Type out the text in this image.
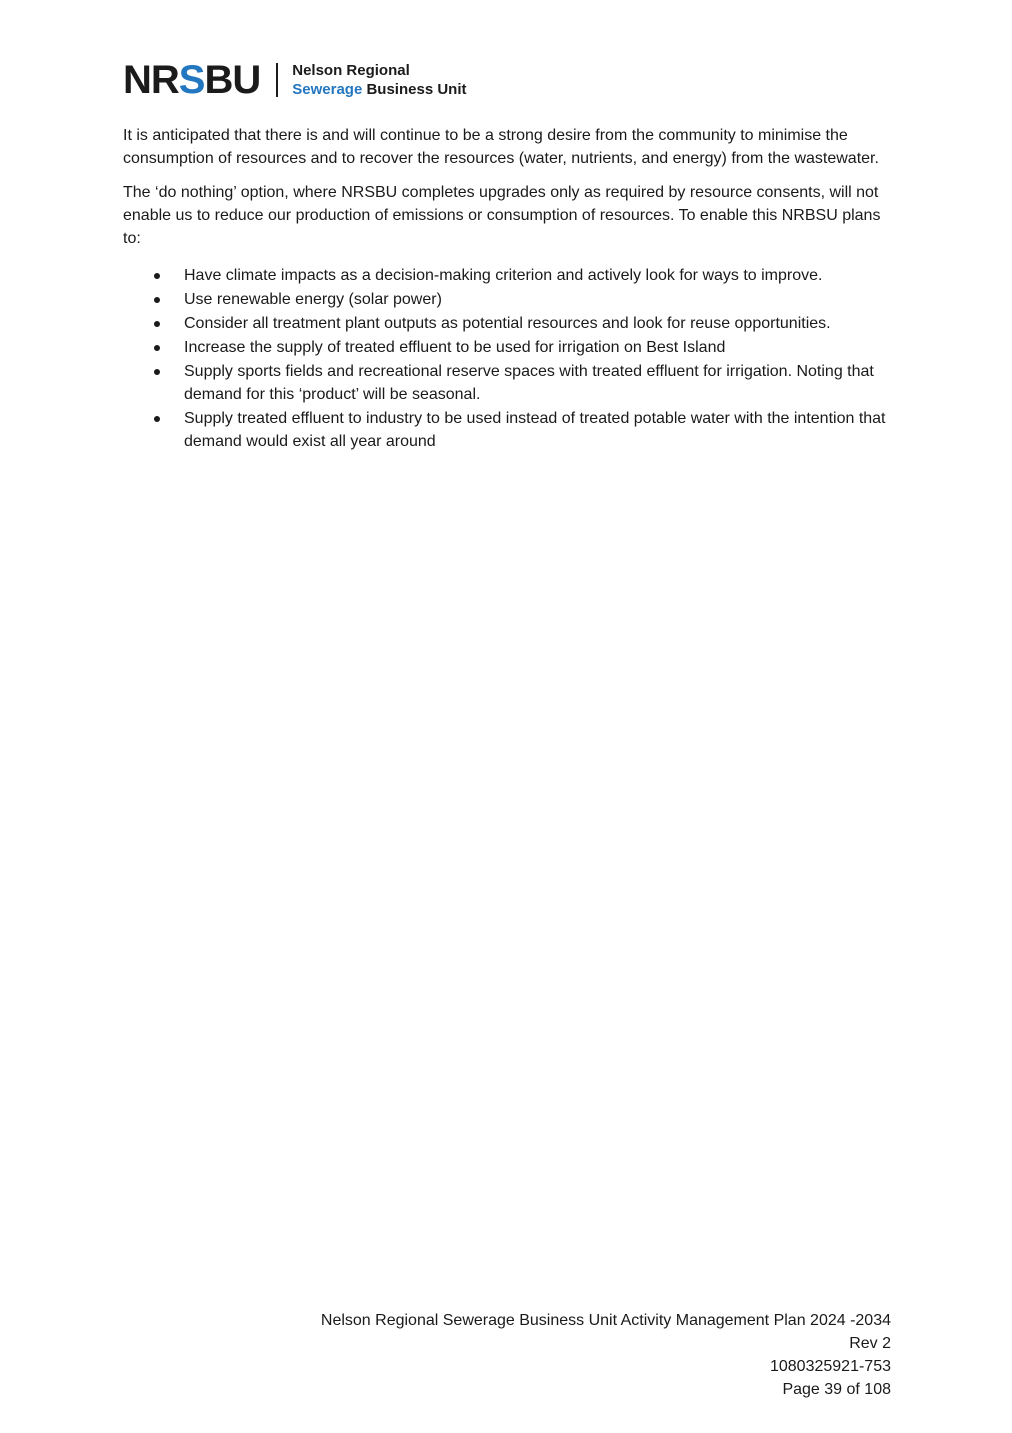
NRSBU Nelson Regional
Sewerage Business Unit

It is anticipated that there is and will continue to be a strong desire from the community to minimise the consumption of resources and to recover the resources (water, nutrients, and energy) from the wastewater.

The ‘do nothing’ option, where NRSBU completes upgrades only as required by resource consents, will not enable us to reduce our production of emissions or consumption of resources. To enable this NRBSU plans to:

Have climate impacts as a decision-making criterion and actively look for ways to improve.
Use renewable energy (solar power)
Consider all treatment plant outputs as potential resources and look for reuse opportunities.
Increase the supply of treated effluent to be used for irrigation on Best Island
Supply sports fields and recreational reserve spaces with treated effluent for irrigation. Noting that demand for this ‘product’ will be seasonal.
Supply treated effluent to industry to be used instead of treated potable water with the intention that demand would exist all year around
Nelson Regional Sewerage Business Unit Activity Management Plan 2024 -2034
Rev 2
1080325921-753
Page 39 of 108
